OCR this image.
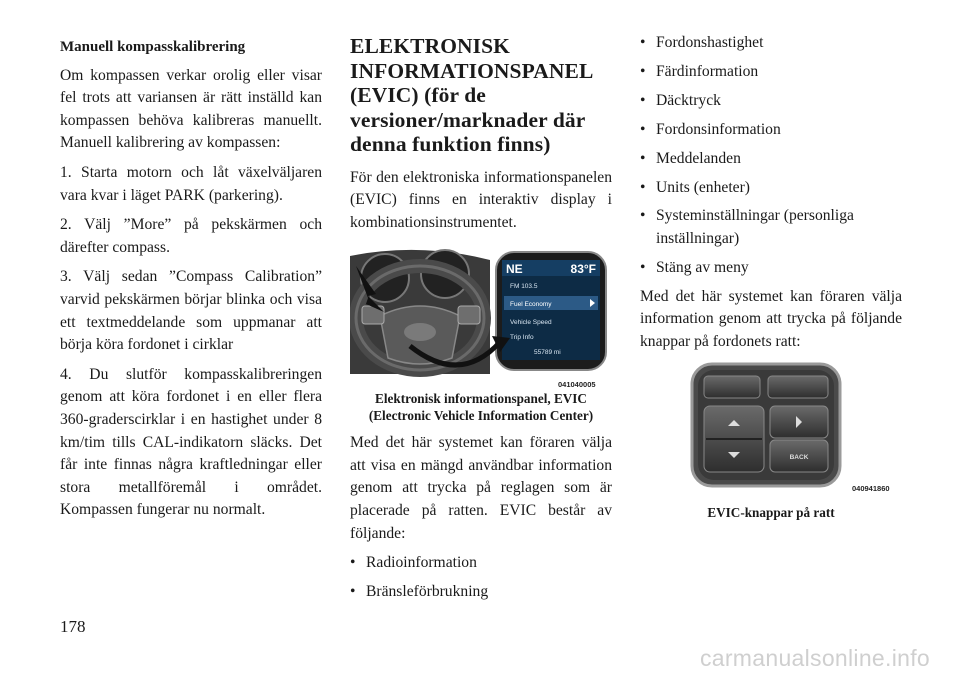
Manuell kompasskalibrering

Om kompassen verkar orolig eller visar fel trots att variansen är rätt inställd kan kompassen behöva kalibreras manuellt. Manuell kalibrering av kompassen:

1. Starta motorn och låt växelväljaren vara kvar i läget PARK (parkering).

2. Välj ”More” på pekskärmen och därefter compass.

3. Välj sedan ”Compass Calibration” varvid pekskärmen börjar blinka och visa ett textmeddelande som uppmanar att börja köra fordonet i cirklar

4. Du slutför kompasskalibreringen genom att köra fordonet i en eller flera 360-graderscirklar i en hastighet under 8 km/tim tills CAL-indikatorn släcks. Det får inte finnas några kraftledningar eller stora metallföremål i området. Kompassen fungerar nu normalt.

ELEKTRONISK INFORMATIONSPANEL (EVIC) (för de versioner/marknader där denna funktion finns)

För den elektroniska informationspanelen (EVIC) finns en interaktiv display i kombinationsinstrumentet.

NE	83°F
FM 103.5
Fuel Economy
Vehicle Speed
Trip Info
55789 mi
041040005
Elektronisk informationspanel, EVIC (Electronic Vehicle Information Center)

Med det här systemet kan föraren välja att visa en mängd användbar information genom att trycka på reglagen som är placerade på ratten. EVIC består av följande:

• Radioinformation
• Bränsleförbrukning
• Fordonshastighet
• Färdinformation
• Däcktryck
• Fordonsinformation
• Meddelanden
• Units (enheter)
• Systeminställningar (personliga inställningar)
• Stäng av meny

Med det här systemet kan föraren välja information genom att trycka på följande knappar på fordonets ratt:

BACK
040941860
EVIC-knappar på ratt
178
carmanualsonline.info
